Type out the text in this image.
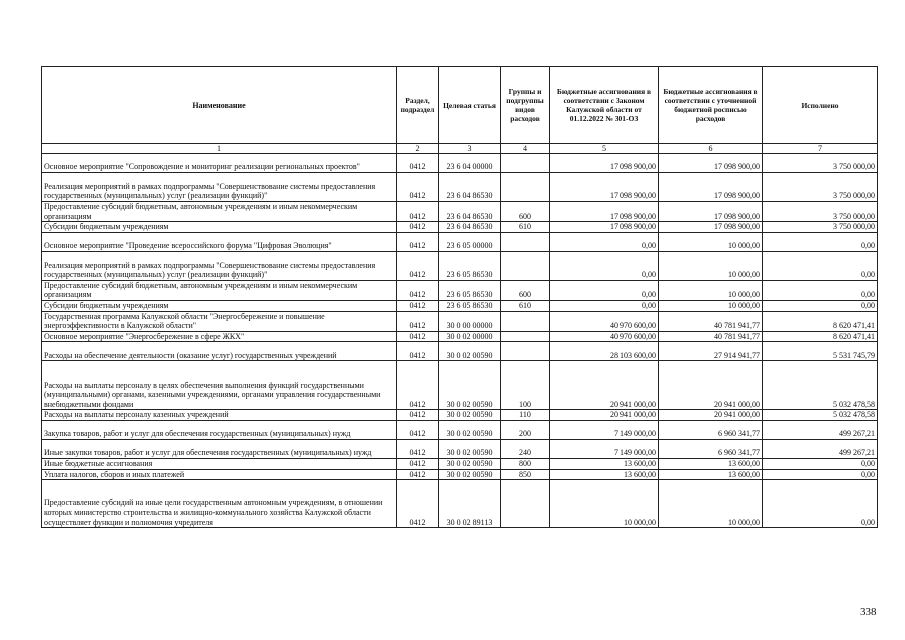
Наименование	Раздел, подраздел	Целевая статья	Группы и подгруппы видов расходов	Бюджетные ассигнования в соответствии с Законом Калужской области от 01.12.2022 № 301-ОЗ	Бюджетные ассигнования в соответствии с уточненной бюджетной росписью расходов	Исполнено
1	2	3	4	5	6	7
Основное мероприятие "Сопровождение и мониторинг реализации региональных проектов"	0412	23 6 04 00000		17 098 900,00	17 098 900,00	3 750 000,00
Реализация мероприятий в рамках подпрограммы "Совершенствование системы предоставления государственных (муниципальных) услуг (реализации функций)"	0412	23 6 04 86530		17 098 900,00	17 098 900,00	3 750 000,00
Предоставление субсидий бюджетным, автономным учреждениям и иным некоммерческим организациям	0412	23 6 04 86530	600	17 098 900,00	17 098 900,00	3 750 000,00
Субсидии бюджетным учреждениям	0412	23 6 04 86530	610	17 098 900,00	17 098 900,00	3 750 000,00
Основное мероприятие "Проведение всероссийского форума "Цифровая Эволюция"	0412	23 6 05 00000		0,00	10 000,00	0,00
Реализация мероприятий в рамках подпрограммы "Совершенствование системы предоставления государственных (муниципальных) услуг (реализации функций)"	0412	23 6 05 86530		0,00	10 000,00	0,00
Предоставление субсидий бюджетным, автономным учреждениям и иным некоммерческим организациям	0412	23 6 05 86530	600	0,00	10 000,00	0,00
Субсидии бюджетным учреждениям	0412	23 6 05 86530	610	0,00	10 000,00	0,00
Государственная программа Калужской области "Энергосбережение и повышение энергоэффективности в Калужской области"	0412	30 0 00 00000		40 970 600,00	40 781 941,77	8 620 471,41
Основное мероприятие "Энергосбережение в сфере ЖКХ"	0412	30 0 02 00000		40 970 600,00	40 781 941,77	8 620 471,41
Расходы на обеспечение деятельности (оказание услуг) государственных учреждений	0412	30 0 02 00590		28 103 600,00	27 914 941,77	5 531 745,79
Расходы на выплаты персоналу в целях обеспечения выполнения функций государственными (муниципальными) органами, казенными учреждениями, органами управления государственными внебюджетными фондами	0412	30 0 02 00590	100	20 941 000,00	20 941 000,00	5 032 478,58
Расходы на выплаты персоналу казенных учреждений	0412	30 0 02 00590	110	20 941 000,00	20 941 000,00	5 032 478,58
Закупка товаров, работ и услуг для обеспечения государственных (муниципальных) нужд	0412	30 0 02 00590	200	7 149 000,00	6 960 341,77	499 267,21
Иные закупки товаров, работ и услуг для обеспечения государственных (муниципальных) нужд	0412	30 0 02 00590	240	7 149 000,00	6 960 341,77	499 267,21
Иные бюджетные ассигнования	0412	30 0 02 00590	800	13 600,00	13 600,00	0,00
Уплата налогов, сборов и иных платежей	0412	30 0 02 00590	850	13 600,00	13 600,00	0,00
Предоставление субсидий на иные цели государственным автономным учреждениям, в отношении которых министерство строительства и жилищно-коммунального хозяйства Калужской области осуществляет функции и полномочия учредителя	0412	30 0 02 89113		10 000,00	10 000,00	0,00
338
